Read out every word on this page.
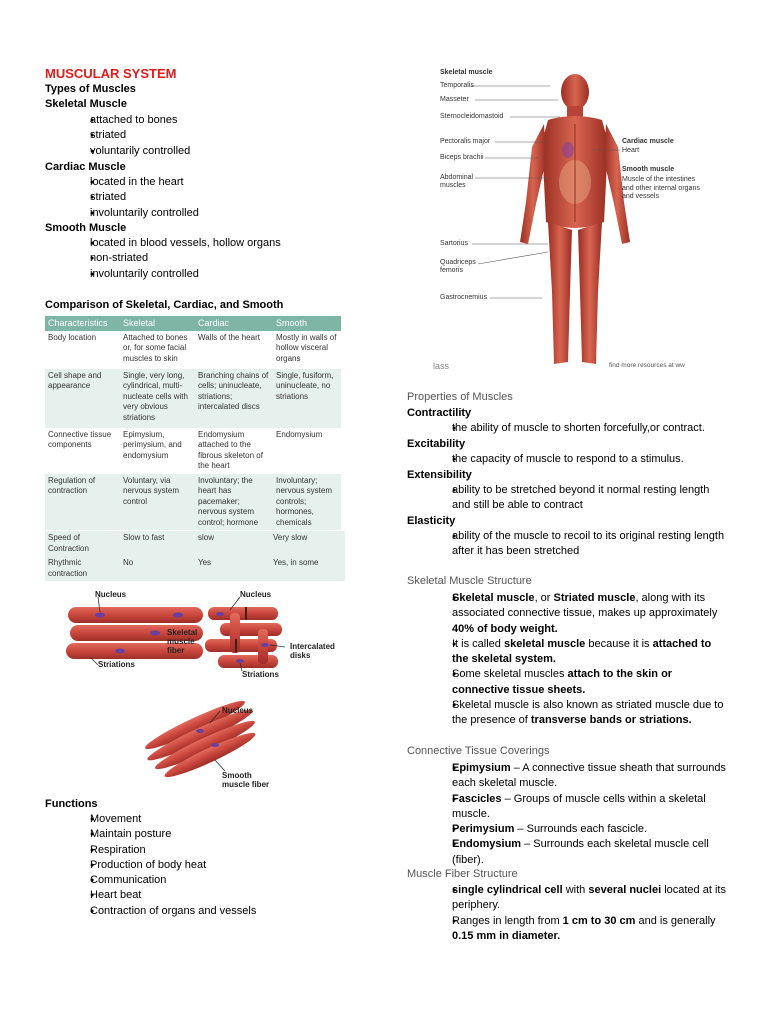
MUSCULAR SYSTEM
Types of Muscles
Skeletal Muscle
● attached to bones
● striated
● voluntarily controlled
Cardiac Muscle
● located in the heart
● striated
● involuntarily controlled
Smooth Muscle
● located in blood vessels, hollow organs
● non-striated
● involuntarily controlled
Comparison of Skeletal, Cardiac, and Smooth
Characteristics	Skeletal	Cardiac	Smooth
Body location	Attached to bones or, for some facial muscles to skin	Walls of the heart	Mostly in walls of hollow visceral organs
Cell shape and appearance	Single, very long, cylindrical, multi-nucleate cells with very obvious striations	Branching chains of cells; uninucleate, striations; intercalated discs	Single, fusiform, uninucleate, no striations
Connective tissue components	Epimysium, perimysium, and endomysium	Endomysium attached to the fibrous skeleton of the heart	Endomysium
Regulation of contraction	Voluntary, via nervous system control	Involuntary; the heart has pacemaker; nervous system control; hormone	Involuntary; nervous system controls; hormones, chemicals
Speed of Contraction	Slow to fast	slow	Very slow
Rhythmic contraction	No	Yes	Yes, in some
Nucleus
Striations
Skeletal
muscle
fiber
Nucleus
Intercalated
disks
Striations
Nucleus
Smooth
muscle fiber
Functions
● Movement
● Maintain posture
● Respiration
● Production of body heat
● Communication
● Heart beat
● Contraction of organs and vessels
Skeletal muscle
Temporalis
Masseter
Sternocleidomastoid
Pectoralis major
Biceps brachii
Abdominal muscles
Sartorius
Quadriceps femoris
Gastrocnemius
Cardiac muscle
Heart
Smooth muscle
Muscle of the intestines and other internal organs and vessels
lass	find more resources at ww
Properties of Muscles
Contractility
● the ability of muscle to shorten forcefully,or contract.
Excitability
● the capacity of muscle to respond to a stimulus.
Extensibility
● ability to be stretched beyond it normal resting length and still be able to contract
Elasticity
● ability of the muscle to recoil to its original resting length after it has been stretched
Skeletal Muscle Structure
● Skeletal muscle, or Striated muscle, along with its associated connective tissue, makes up approximately 40% of body weight.
● It is called skeletal muscle because it is attached to the skeletal system.
● Some skeletal muscles attach to the skin or connective tissue sheets.
● Skeletal muscle is also known as striated muscle due to the presence of transverse bands or striations.
Connective Tissue Coverings
● Epimysium – A connective tissue sheath that surrounds each skeletal muscle.
● Fascicles – Groups of muscle cells within a skeletal muscle.
● Perimysium – Surrounds each fascicle.
● Endomysium – Surrounds each skeletal muscle cell (fiber).
Muscle Fiber Structure
● single cylindrical cell with several nuclei located at its periphery.
● Ranges in length from 1 cm to 30 cm and is generally 0.15 mm in diameter.
